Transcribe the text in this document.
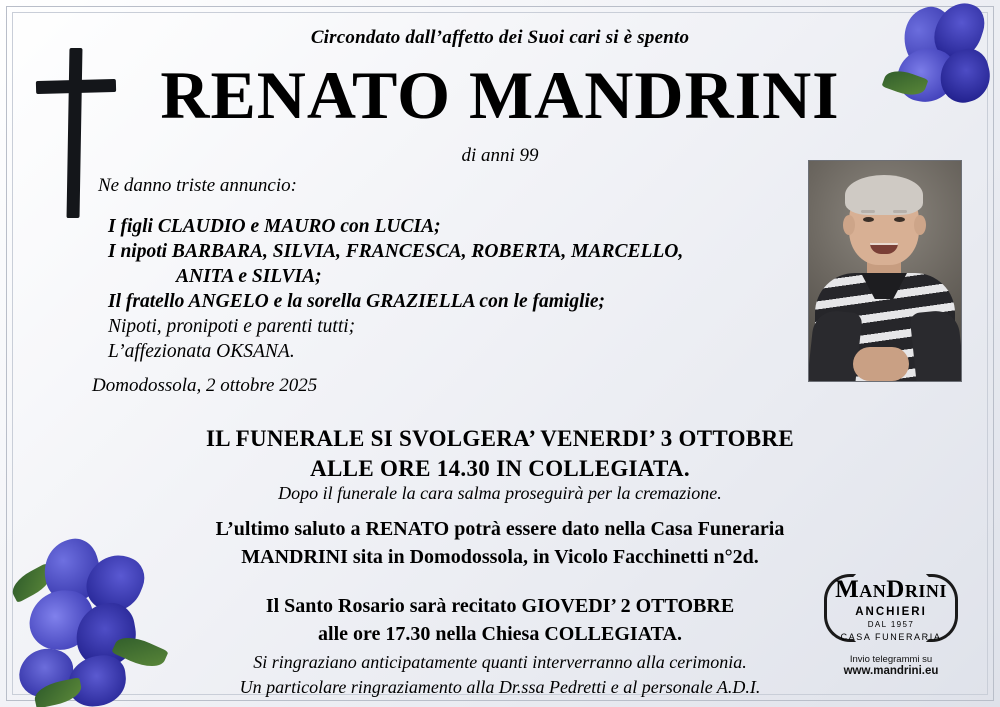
Circondato dall’affetto dei Suoi cari si è spento
RENATO MANDRINI
di anni 99
Ne danno triste annuncio:
I figli CLAUDIO e MAURO con LUCIA;
I nipoti BARBARA, SILVIA, FRANCESCA, ROBERTA, MARCELLO,
ANITA e SILVIA;
Il fratello ANGELO e la sorella GRAZIELLA con le famiglie;
Nipoti, pronipoti e parenti tutti;
L’affezionata OKSANA.
Domodossola, 2 ottobre 2025
IL FUNERALE SI SVOLGERA’ VENERDI’ 3 OTTOBRE
ALLE ORE 14.30 IN COLLEGIATA.
Dopo il funerale la cara salma proseguirà per la cremazione.
L’ultimo saluto a RENATO potrà essere dato nella Casa Funeraria
MANDRINI sita in Domodossola, in Vicolo Facchinetti n°2d.
Il Santo Rosario sarà recitato GIOVEDI’ 2 OTTOBRE
alle ore 17.30 nella Chiesa COLLEGIATA.
Si ringraziano anticipatamente quanti interverranno alla cerimonia.
Un particolare ringraziamento alla Dr.ssa Pedretti e al personale A.D.I.
MANDRINI
ANCHIERI
DAL 1957
CASA FUNERARIA
Invio telegrammi su
www.mandrini.eu
